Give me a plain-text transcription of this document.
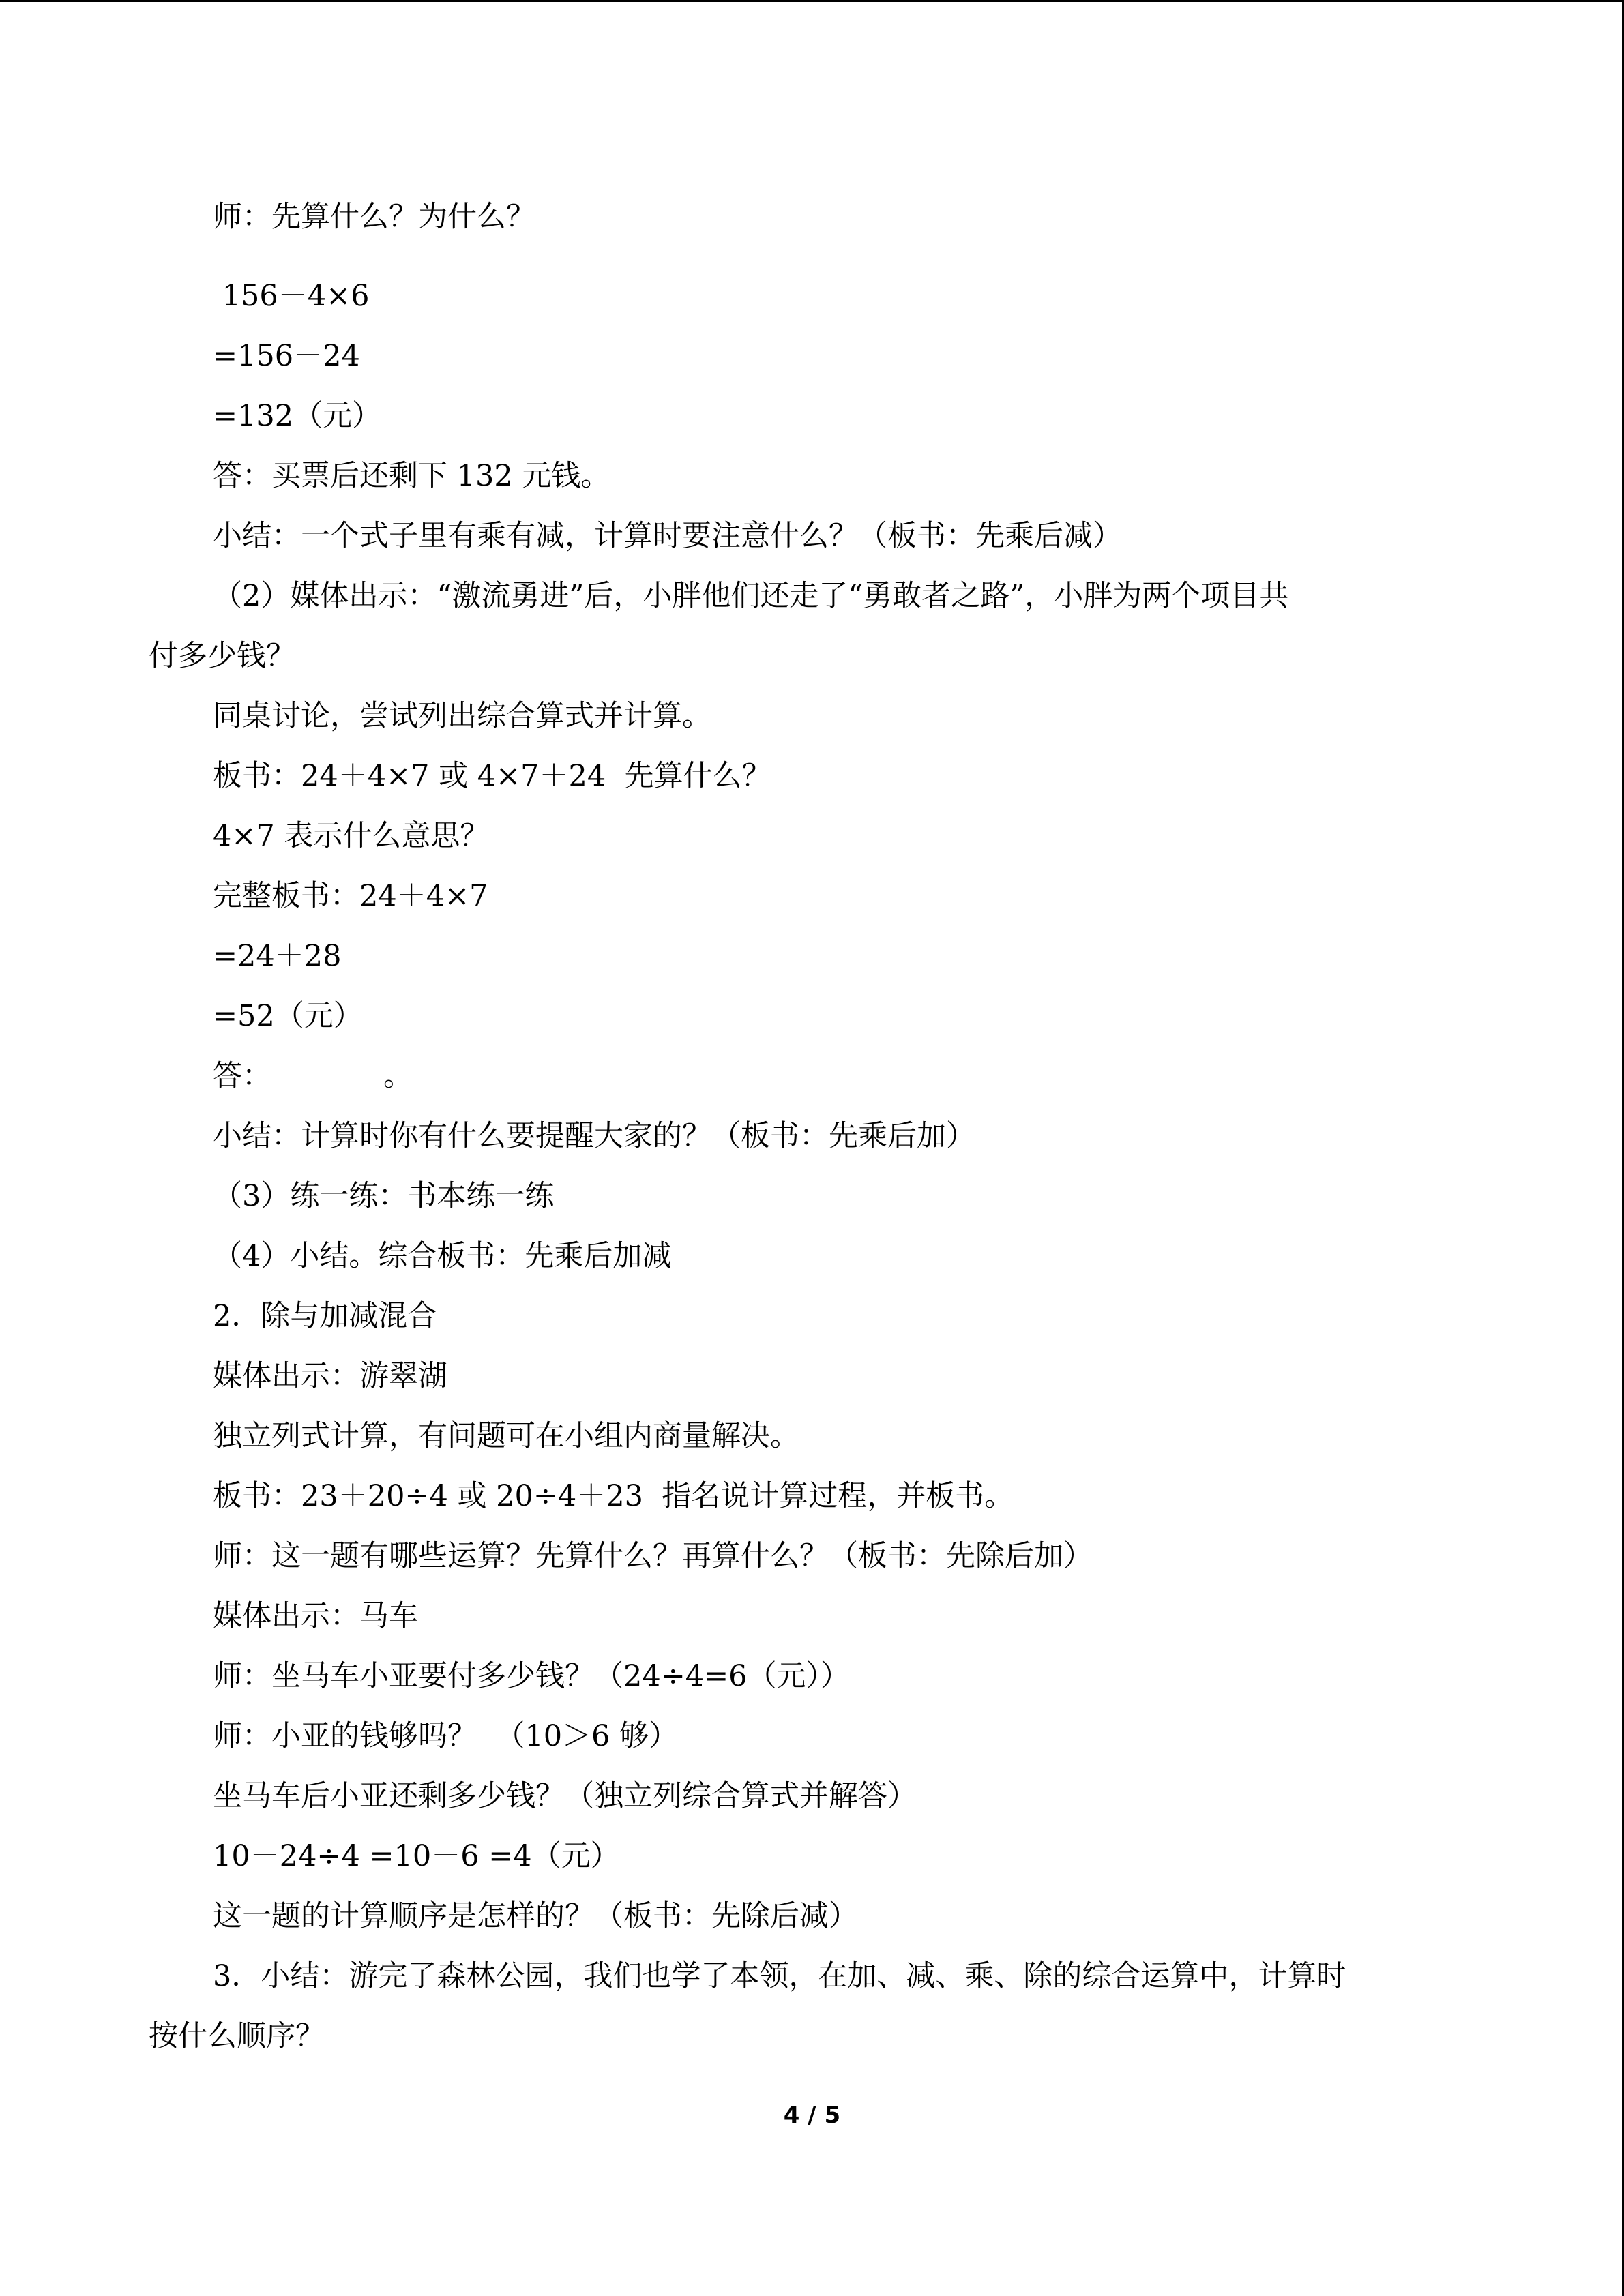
师：先算什么？为什么？
156－4×6
=156－24
=132（元）
答：买票后还剩下 132 元钱。
小结：一个式子里有乘有减，计算时要注意什么？（板书：先乘后减）
（2）媒体出示：“激流勇进”后，小胖他们还走了“勇敢者之路”，小胖为两个项目共
付多少钱？
同桌讨论，尝试列出综合算式并计算。
板书：24＋4×7 或 4×7＋24  先算什么？
4×7 表示什么意思？
完整板书：24＋4×7
=24＋28
=52（元）
答：            。
小结：计算时你有什么要提醒大家的？（板书：先乘后加）
（3）练一练：书本练一练
（4）小结。综合板书：先乘后加减
2．除与加减混合
媒体出示：游翠湖
独立列式计算，有问题可在小组内商量解决。
板书：23＋20÷4 或 20÷4＋23  指名说计算过程，并板书。
师：这一题有哪些运算？先算什么？再算什么？（板书：先除后加）
媒体出示：马车
师：坐马车小亚要付多少钱？（24÷4=6（元））
师：小亚的钱够吗？  （10＞6 够）
坐马车后小亚还剩多少钱？（独立列综合算式并解答）
10－24÷4 =10－6 =4（元）
这一题的计算顺序是怎样的？（板书：先除后减）
3．小结：游完了森林公园，我们也学了本领，在加、减、乘、除的综合运算中，计算时
按什么顺序？
4 / 5
